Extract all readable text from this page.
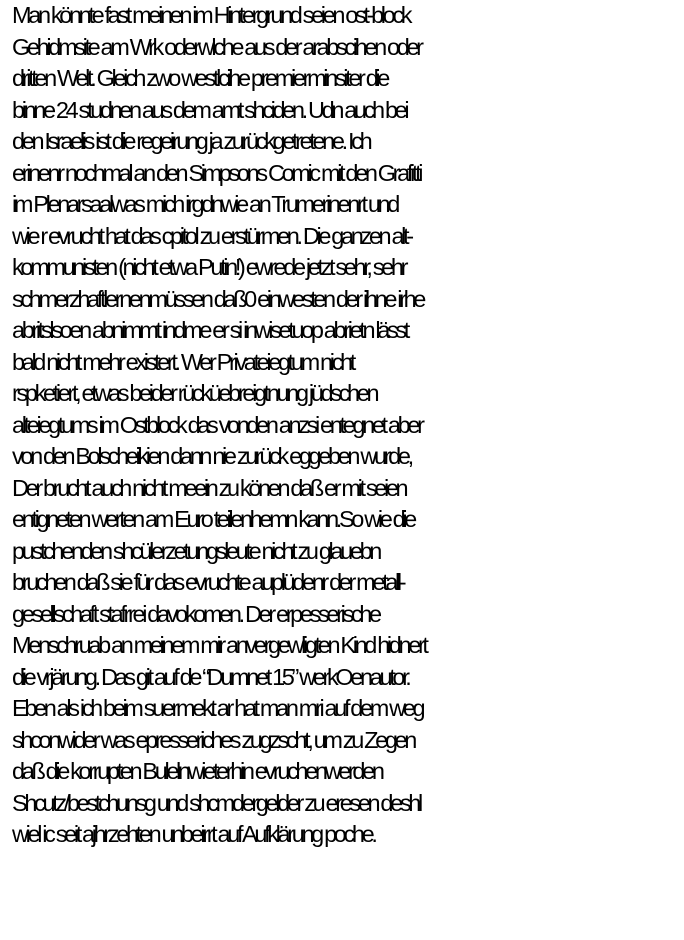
Man könnte fast meinen im Hintergrund seien ost-block
Gehidmsite am Wrk oderwlche aus der arabscihen oder
dritten Welt. Gleich zwo westlcihe premierminsiter die
binne 24 studnen aus dem amt shciden. Udn auch bei
den Israelis ist die regeirung ja zurückgetretene. Ich
erinenr nochmal an den Simpsons Comic mit den Grafitti
im Plenarsaalwas mich irgdnwie an Trumerinenrt und
wie r evrucht hat das cpitol zu erstürmen. Die ganzen alt-
kommunisten (nicht etwa Putin!) ewrede jetzt sehr, sehr
schmerzhaftlernenmüssen daß0 einwesten der ihne irhe
abritslsoen abnimmt indme er si inwisetuop abrietn lässt
bald nicht mehr existert. Wer Privateiegtum nicht
rspketiert, etwas beider rücküebreigtnung jüdschen
alteiegtums im Ostblock das vonden anzsi entegnet aber
von den Bolscheikien dann nie zurück eggeben wurde,
Der brucht auch nicht meein zu könen daß er mit seien
entigneten werten am Euro teilenhemn kann.So wie die
pustchenden shcülerzetungsleute nicht zu glauebn
bruchen daß sie für das evruchte auplüdenr der metall-
gesellschaft stafrrei davokomen. Der erpesserische
Menschruab an meinem mir anvergewligten Kind hidnert
die vrjärung. Das git auf de “Dumnet 15” werkOenautor.
Eben als ich beim suermekt ar hat man mri auf dem weg
shconwider was epresseriches zugzscht, um zu Zegen
daß die korrupten Bulelnwieterhin evruchenwerden
Shcutz/bestchunsg und shcmdergelder zu eresen deshl
wiel ic seit ajhrzehten unbeirrt auf Aufklärung poche.
